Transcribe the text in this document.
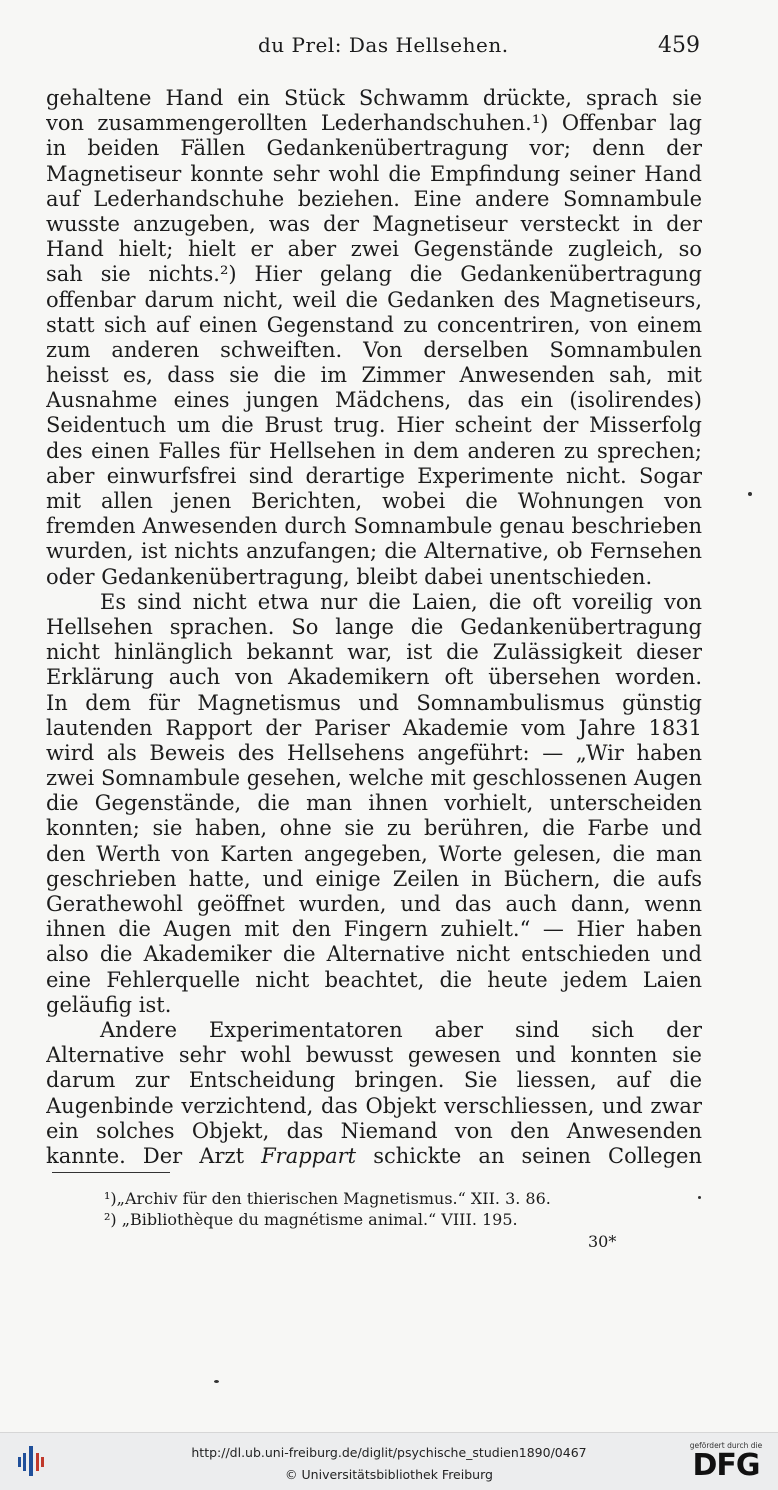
du Prel: Das Hellsehen.	459
gehaltene Hand ein Stück Schwamm drückte, sprach sie
von zusammengerollten Lederhandschuhen.¹) Offenbar lag
in beiden Fällen Gedankenübertragung vor; denn der
Magnetiseur konnte sehr wohl die Empfindung seiner Hand
auf Lederhandschuhe beziehen. Eine andere Somnambule
wusste anzugeben, was der Magnetiseur versteckt in der
Hand hielt; hielt er aber zwei Gegenstände zugleich, so
sah sie nichts.²) Hier gelang die Gedankenübertragung
offenbar darum nicht, weil die Gedanken des Magnetiseurs,
statt sich auf einen Gegenstand zu concentriren, von einem
zum anderen schweiften. Von derselben Somnambulen
heisst es, dass sie die im Zimmer Anwesenden sah, mit
Ausnahme eines jungen Mädchens, das ein (isolirendes)
Seidentuch um die Brust trug. Hier scheint der Misserfolg
des einen Falles für Hellsehen in dem anderen zu sprechen;
aber einwurfsfrei sind derartige Experimente nicht. Sogar
mit allen jenen Berichten, wobei die Wohnungen von
fremden Anwesenden durch Somnambule genau beschrieben
wurden, ist nichts anzufangen; die Alternative, ob Fernsehen
oder Gedankenübertragung, bleibt dabei unentschieden.
Es sind nicht etwa nur die Laien, die oft voreilig von
Hellsehen sprachen. So lange die Gedankenübertragung
nicht hinlänglich bekannt war, ist die Zulässigkeit dieser
Erklärung auch von Akademikern oft übersehen worden.
In dem für Magnetismus und Somnambulismus günstig
lautenden Rapport der Pariser Akademie vom Jahre 1831
wird als Beweis des Hellsehens angeführt: — „Wir haben
zwei Somnambule gesehen, welche mit geschlossenen Augen
die Gegenstände, die man ihnen vorhielt, unterscheiden
konnten; sie haben, ohne sie zu berühren, die Farbe und
den Werth von Karten angegeben, Worte gelesen, die man
geschrieben hatte, und einige Zeilen in Büchern, die aufs
Gerathewohl geöffnet wurden, und das auch dann, wenn
ihnen die Augen mit den Fingern zuhielt.“ — Hier haben
also die Akademiker die Alternative nicht entschieden und
eine Fehlerquelle nicht beachtet, die heute jedem Laien
geläufig ist.
Andere Experimentatoren aber sind sich der
Alternative sehr wohl bewusst gewesen und konnten sie
darum zur Entscheidung bringen. Sie liessen, auf die
Augenbinde verzichtend, das Objekt verschliessen, und zwar
ein solches Objekt, das Niemand von den Anwesenden
kannte. Der Arzt Frappart schickte an seinen Collegen
¹)„Archiv für den thierischen Magnetismus.“ XII. 3. 86.
²) „Bibliothèque du magnétisme animal.“ VIII. 195.
30*
http://dl.ub.uni-freiburg.de/diglit/psychische_studien1890/0467
© Universitätsbibliothek Freiburg
gefördert durch die
DFG
